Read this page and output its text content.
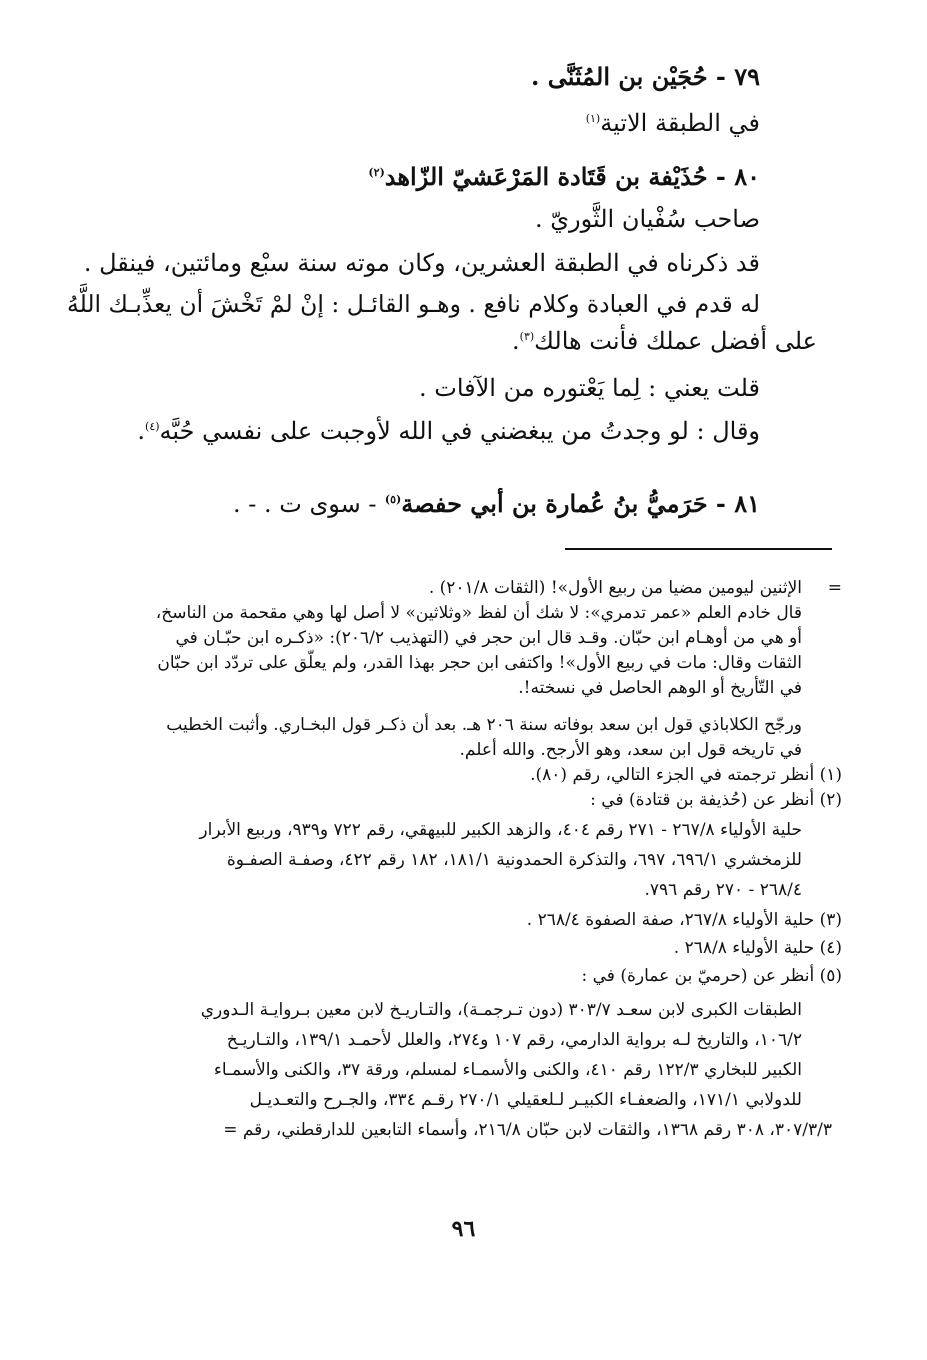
٧٩ - حُجَيْن بن المُثَنَّى .
في الطبقة الاتية$^{(١)}$
٨٠ - حُذَيْفة بن قَتَادة المَرْعَشيّ الزّاهد$^{(٢)}$
صاحب سُفْيان الثَّوريّ .
قد ذكرناه في الطبقة العشرين، وكان موته سنة سبْع ومائتين، فينقل .
له قدم في العبادة وكلام نافع . وهـو القائـل : إنْ لمْ تَخْشَ أن يعذِّبـك اللَّهُ
على أفضل عملك فأنت هالك$^{(٣)}$.
قلت يعني : لِما يَعْتوره من الآفات .
وقال : لو وجدتُ من يبغضني في الله لأوجبت على نفسي حُبَّه$^{(٤)}$.
٨١ - حَرَميُّ بنُ عُمارة بن أبي حفصة$^{(٥)}$ - سوى ت . - .
=
الإثنين ليومين مضيا من ربيع الأول»! (الثقات ٢٠١/٨) .
قال خادم العلم «عمر تدمري»: لا شك أن لفظ «وثلاثين» لا أصل لها وهي مقحمة من الناسخ،
أو هي من أوهـام ابن حبّان. وقـد قال ابن حجر في (التهذيب ٢٠٦/٢): «ذكـره ابن حبّـان في
الثقات وقال: مات في ربيع الأول»! واكتفى ابن حجر بهذا القدر، ولم يعلّق على تردّد ابن حبّان
في التّأريخ أو الوهم الحاصل في نسخته!.
ورجّح الكلاباذي قول ابن سعد بوفاته سنة ٢٠٦ هـ. بعد أن ذكـر قول البخـاري. وأثبت الخطيب
في تاريخه قول ابن سعد، وهو الأرجح. والله أعلم.
(١) أنظر ترجمته في الجزء التالي، رقم (٨٠).
(٢) أنظر عن (حُذيفة بن قتادة) في :
حلية الأولياء ٢٦٧/٨ - ٢٧١ رقم ٤٠٤، والزهد الكبير للبيهقي، رقم ٧٢٢ و٩٣٩، وربيع الأبرار
للزمخشري ٦٩٦/١، ٦٩٧، والتذكرة الحمدونية ١٨١/١، ١٨٢ رقم ٤٢٢، وصفـة الصفـوة
٢٦٨/٤ - ٢٧٠ رقم ٧٩٦.
(٣) حلية الأولياء ٢٦٧/٨، صفة الصفوة ٢٦٨/٤ .
(٤) حلية الأولياء ٢٦٨/٨ .
(٥) أنظر عن (حرميّ بن عمارة) في :
الطبقات الكبرى لابن سعـد ٣٠٣/٧ (دون تـرجمـة)، والتـاريـخ لابن معين بـروايـة الـدوري
١٠٦/٢، والتاريخ لـه برواية الدارمي، رقم ١٠٧ و٢٧٤، والعلل لأحمـد ١٣٩/١، والتـاريـخ
الكبير للبخاري ١٢٢/٣ رقم ٤١٠، والكنى والأسمـاء لمسلم، ورقة ٣٧، والكنى والأسمـاء
للدولابي ١٧١/١، والضعفـاء الكبيـر لـلعقيلي ٢٧٠/١ رقـم ٣٣٤، والجـرح والتعـديـل
٣٠٧/٣/٣، ٣٠٨ رقم ١٣٦٨، والثقات لابن حبّان ٢١٦/٨، وأسماء التابعين للدارقطني، رقم =
٩٦
